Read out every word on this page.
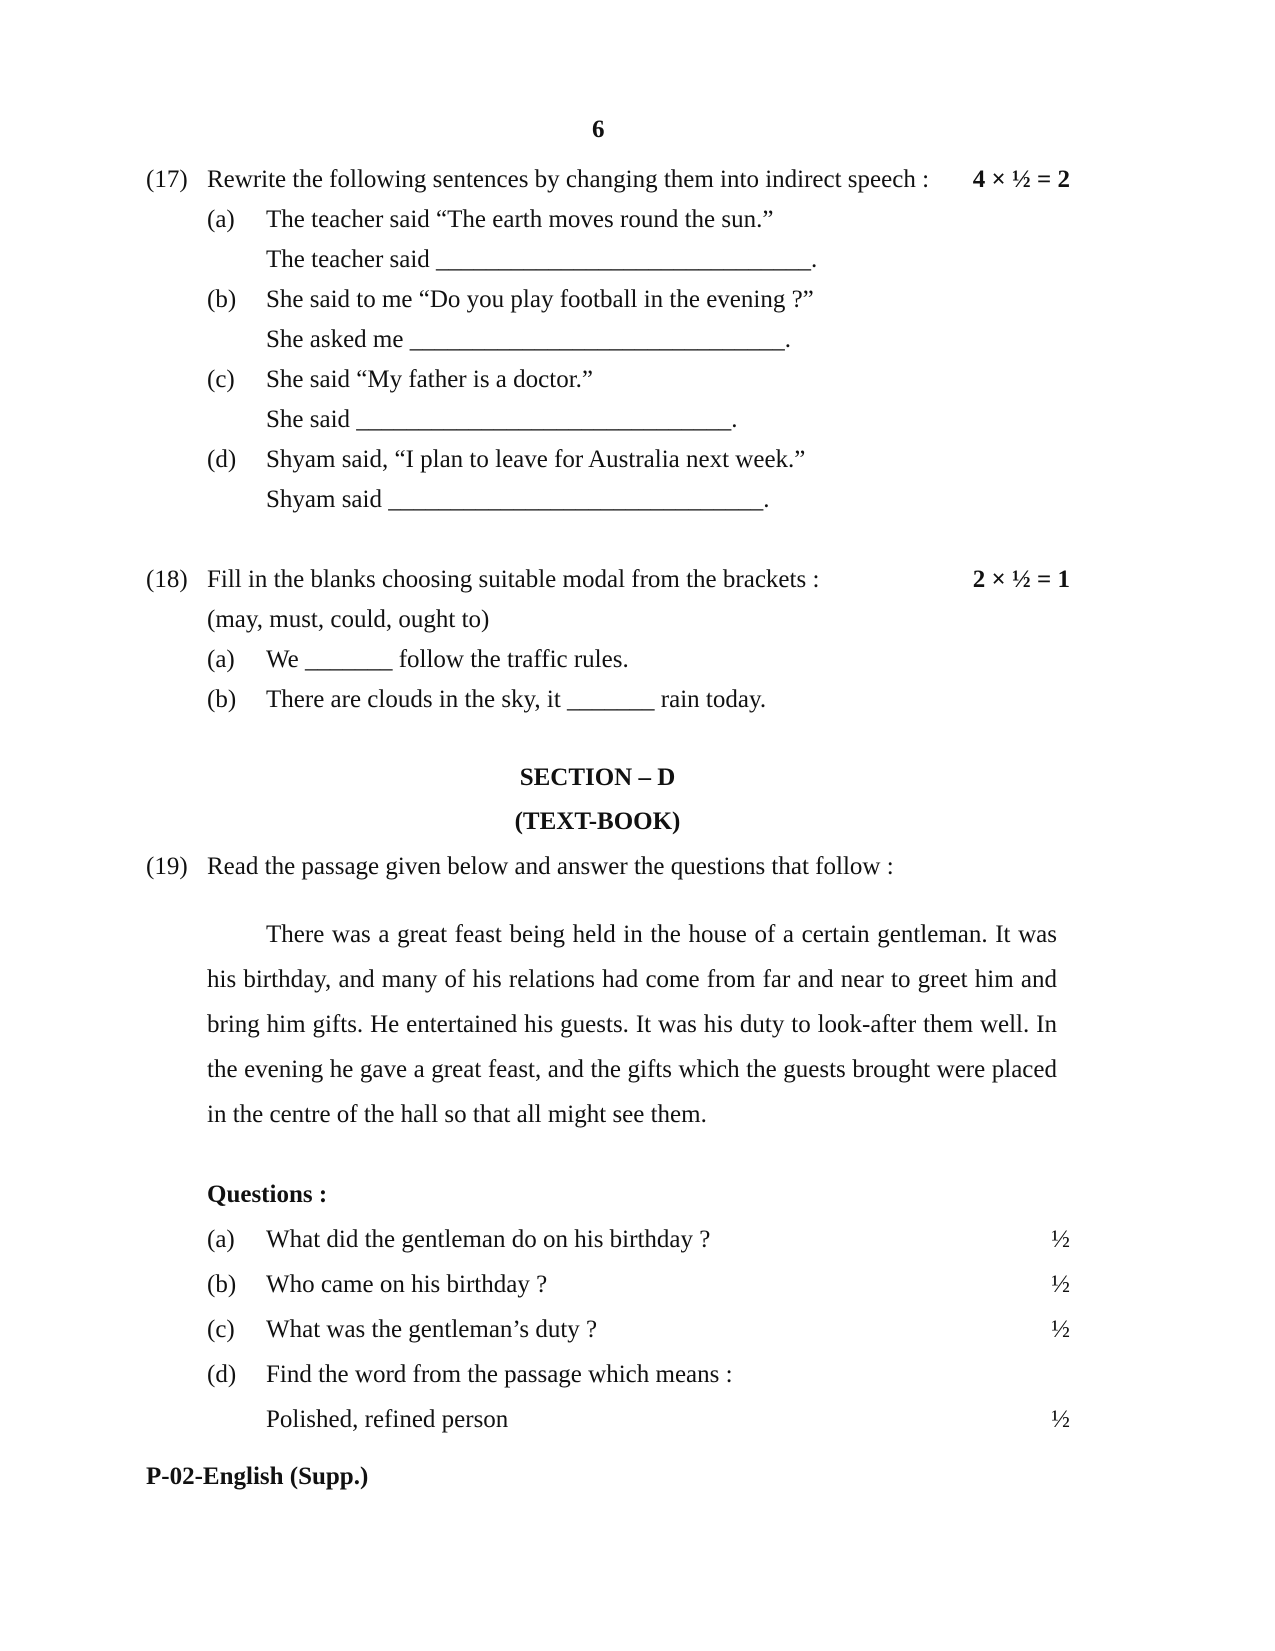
6
(17) Rewrite the following sentences by changing them into indirect speech : 4 × ½ = 2
(a) The teacher said “The earth moves round the sun.”
The teacher said ______________________________.
(b) She said to me “Do you play football in the evening ?”
She asked me ______________________________.
(c) She said “My father is a doctor.”
She said ______________________________.
(d) Shyam said, “I plan to leave for Australia next week.”
Shyam said ______________________________.
(18) Fill in the blanks choosing suitable modal from the brackets :	2 × ½ = 1
(may, must, could, ought to)
(a) We _______ follow the traffic rules.
(b) There are clouds in the sky, it _______ rain today.
SECTION – D
(TEXT-BOOK)
(19) Read the passage given below and answer the questions that follow :
There was a great feast being held in the house of a certain gentleman. It was his birthday, and many of his relations had come from far and near to greet him and bring him gifts. He entertained his guests. It was his duty to look-after them well. In the evening he gave a great feast, and the gifts which the guests brought were placed in the centre of the hall so that all might see them.
Questions :
(a) What did the gentleman do on his birthday ?	½
(b) Who came on his birthday ?	½
(c) What was the gentleman’s duty ?	½
(d) Find the word from the passage which means :
Polished, refined person	½
P-02-English (Supp.)
